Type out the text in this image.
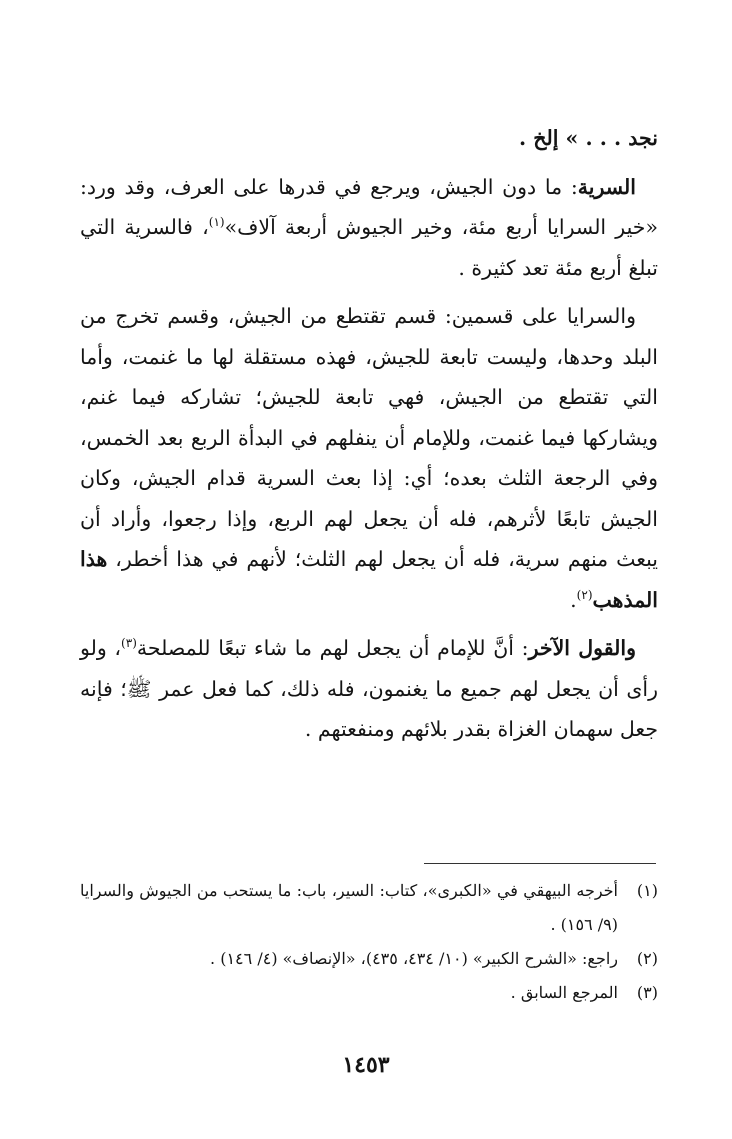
نجد . . . » إلخ .

السرية: ما دون الجيش، ويرجع في قدرها على العرف، وقد ورد: «خير السرايا أربع مئة، وخير الجيوش أربعة آلاف»$^{(١)}$، فالسرية التي تبلغ أربع مئة تعد كثيرة .
والسرايا على قسمين: قسم تقتطع من الجيش، وقسم تخرج من البلد وحدها، وليست تابعة للجيش، فهذه مستقلة لها ما غنمت، وأما التي تقتطع من الجيش، فهي تابعة للجيش؛ تشاركه فيما غنم، ويشاركها فيما غنمت، وللإمام أن ينفلهم في البدأة الربع بعد الخمس، وفي الرجعة الثلث بعده؛ أي: إذا بعث السرية قدام الجيش، وكان الجيش تابعًا لأثرهم، فله أن يجعل لهم الربع، وإذا رجعوا، وأراد أن يبعث منهم سرية، فله أن يجعل لهم الثلث؛ لأنهم في هذا أخطر، هذا المذهب$^{(٢)}$.
والقول الآخر: أنَّ للإمام أن يجعل لهم ما شاء تبعًا للمصلحة$^{(٣)}$، ولو رأى أن يجعل لهم جميع ما يغنمون، فله ذلك، كما فعل عمر ﷺ؛ فإنه جعل سهمان الغزاة بقدر بلائهم ومنفعتهم .
(١)
أخرجه البيهقي في «الكبرى»، كتاب: السير، باب: ما يستحب من الجيوش والسرايا (٩/ ١٥٦) .
(٢)
راجع: «الشرح الكبير» (١٠/ ٤٣٤، ٤٣٥)، «الإنصاف» (٤/ ١٤٦) .
(٣)
المرجع السابق .
١٤٥٣
